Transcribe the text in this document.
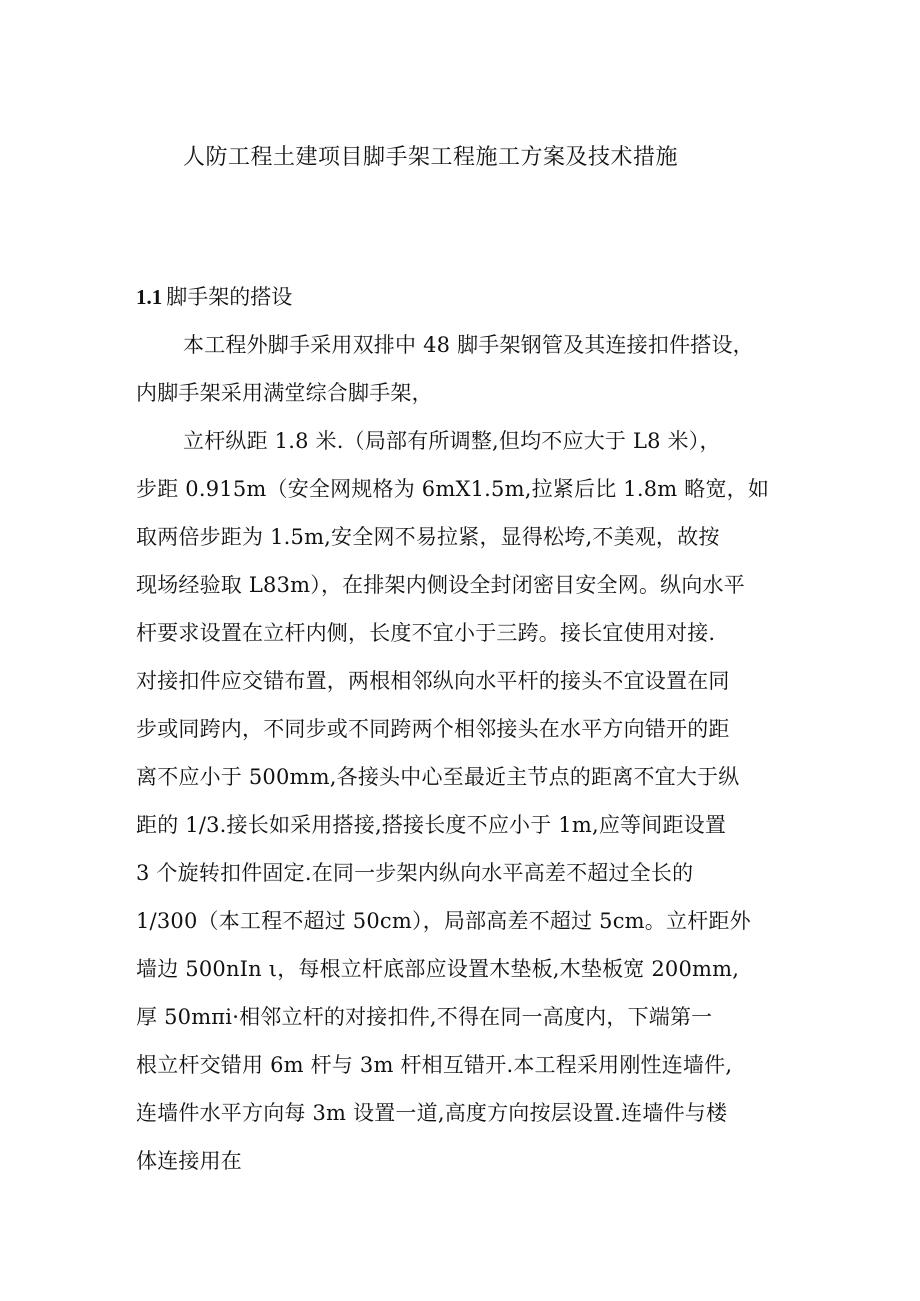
人防工程土建项目脚手架工程施工方案及技术措施
1.1 脚手架的搭设
本工程外脚手采用双排中 48 脚手架钢管及其连接扣件搭设，
内脚手架采用满堂综合脚手架，
立杆纵距 1.8 米.（局部有所调整,但均不应大于 L8 米），
步距 0.915m（安全网规格为 6mX1.5m,拉紧后比 1.8m 略宽，如
取两倍步距为 1.5m,安全网不易拉紧，显得松垮,不美观，故按
现场经验取 L83m），在排架内侧设全封闭密目安全网。纵向水平
杆要求设置在立杆内侧，长度不宜小于三跨。接长宜使用对接.
对接扣件应交错布置，两根相邻纵向水平杆的接头不宜设置在同
步或同跨内，不同步或不同跨两个相邻接头在水平方向错开的距
离不应小于 500mm,各接头中心至最近主节点的距离不宜大于纵
距的 1/3.接长如采用搭接,搭接长度不应小于 1m,应等间距设置
3 个旋转扣件固定.在同一步架内纵向水平高差不超过全长的
1/300（本工程不超过 50cm），局部高差不超过 5cm。立杆距外
墙边 500nIn ι，每根立杆底部应设置木垫板,木垫板宽 200mm,
厚 50mπi·相邻立杆的对接扣件,不得在同一高度内，下端第一
根立杆交错用 6m 杆与 3m 杆相互错开.本工程采用刚性连墙件,
连墙件水平方向每 3m 设置一道,高度方向按层设置.连墙件与楼
体连接用在
